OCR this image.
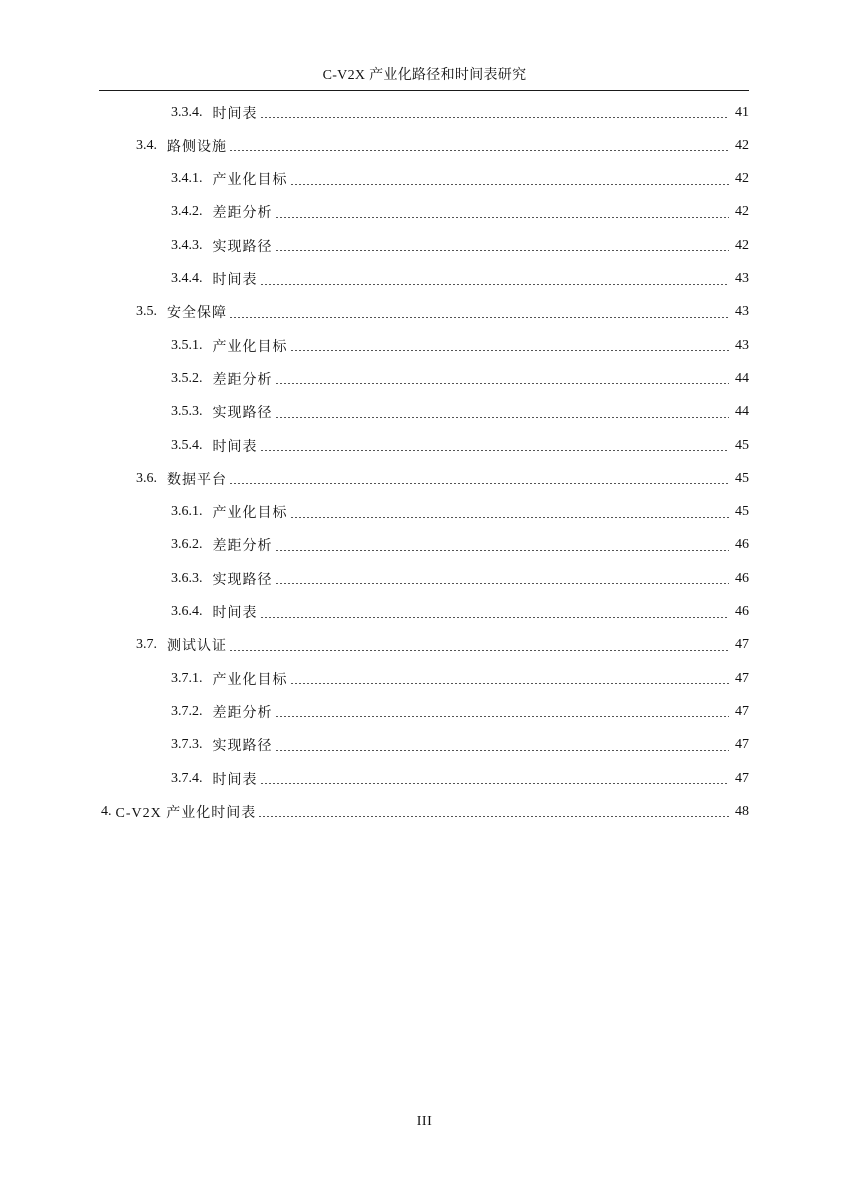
C-V2X 产业化路径和时间表研究
3.3.4. 时间表	41
3.4. 路侧设施	42
3.4.1. 产业化目标	42
3.4.2. 差距分析	42
3.4.3. 实现路径	42
3.4.4. 时间表	43
3.5. 安全保障	43
3.5.1. 产业化目标	43
3.5.2. 差距分析	44
3.5.3. 实现路径	44
3.5.4. 时间表	45
3.6. 数据平台	45
3.6.1. 产业化目标	45
3.6.2. 差距分析	46
3.6.3. 实现路径	46
3.6.4. 时间表	46
3.7. 测试认证	47
3.7.1. 产业化目标	47
3.7.2. 差距分析	47
3.7.3. 实现路径	47
3.7.4. 时间表	47
4. C-V2X 产业化时间表	48
III
